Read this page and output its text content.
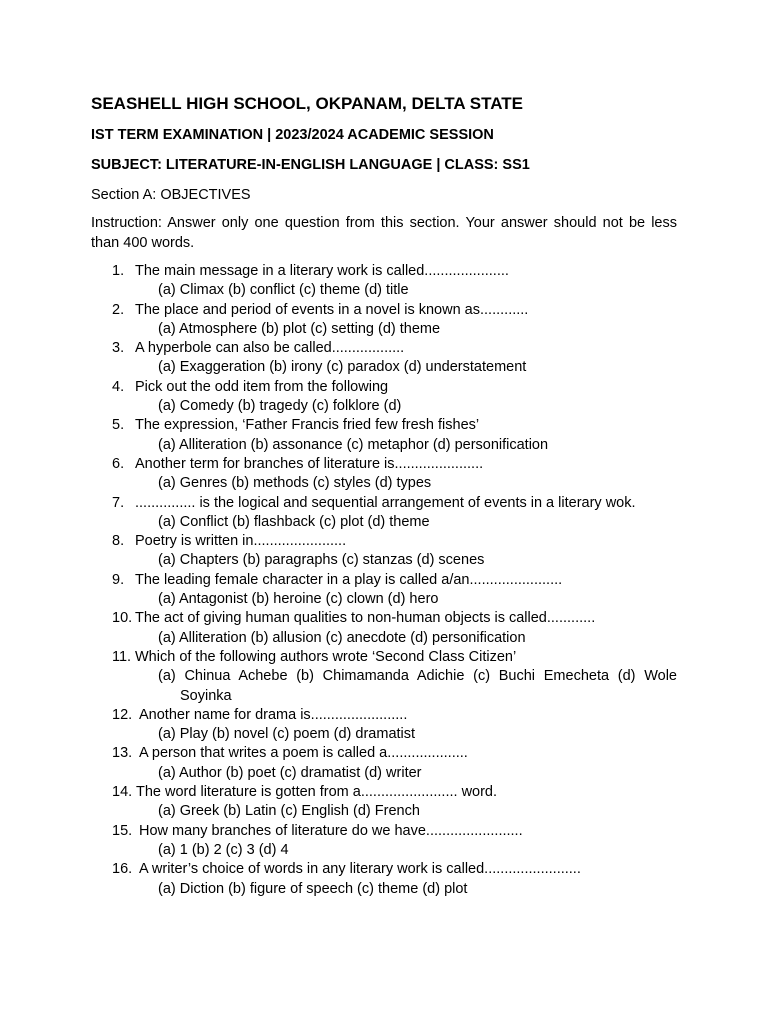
SEASHELL HIGH SCHOOL, OKPANAM, DELTA STATE

IST TERM EXAMINATION | 2023/2024 ACADEMIC SESSION

SUBJECT: LITERATURE-IN-ENGLISH LANGUAGE | CLASS: SS1

Section A: OBJECTIVES

Instruction: Answer only one question from this section. Your answer should not be less than 400 words.

1. The main message in a literary work is called.....................
(a) Climax (b) conflict (c) theme (d) title
2. The place and period of events in a novel is known as............
(a) Atmosphere (b) plot (c) setting (d) theme
3. A hyperbole can also be called..................
(a) Exaggeration (b) irony (c) paradox (d) understatement
4. Pick out the odd item from the following
(a) Comedy (b) tragedy (c) folklore (d)
5. The expression, ‘Father Francis fried few fresh fishes’
(a) Alliteration (b) assonance (c) metaphor (d) personification
6. Another term for branches of literature is......................
(a) Genres (b) methods (c) styles (d) types
7. ............... is the logical and sequential arrangement of events in a literary wok.
(a) Conflict (b) flashback (c) plot (d) theme
8. Poetry is written in.......................
(a) Chapters (b) paragraphs (c) stanzas (d) scenes
9. The leading female character in a play is called a/an.......................
(a) Antagonist (b) heroine (c) clown (d) hero
10. The act of giving human qualities to non-human objects is called............
(a) Alliteration (b) allusion (c) anecdote (d) personification
11. Which of the following authors wrote ‘Second Class Citizen’
(a) Chinua Achebe (b) Chimamanda Adichie (c) Buchi Emecheta (d) Wole Soyinka
12. Another name for drama is........................
(a) Play (b) novel (c) poem (d) dramatist
13. A person that writes a poem is called a....................
(a) Author (b) poet (c) dramatist (d) writer
14. The word literature is gotten from a........................ word.
(a) Greek (b) Latin (c) English (d) French
15. How many branches of literature do we have........................
(a) 1 (b) 2 (c) 3 (d) 4
16. A writer’s choice of words in any literary work is called........................
(a) Diction (b) figure of speech (c) theme (d) plot
